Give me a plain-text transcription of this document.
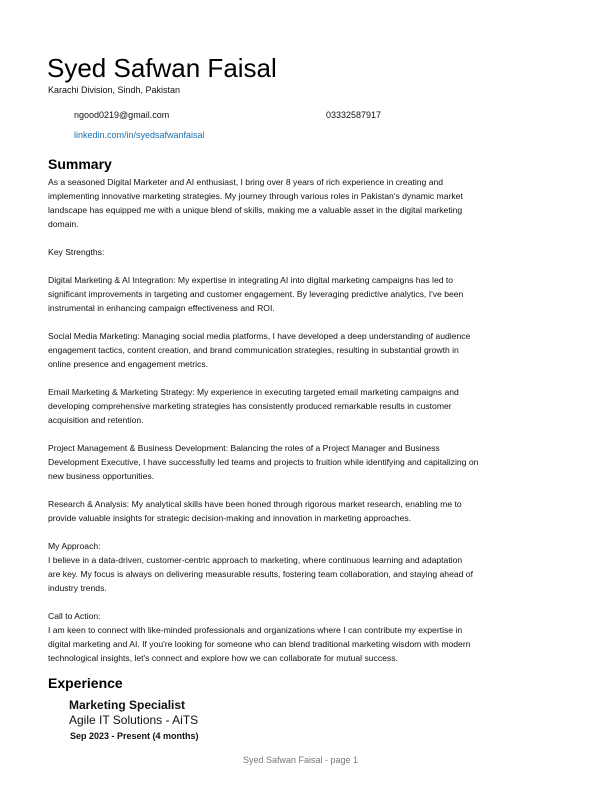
Syed Safwan Faisal
Karachi Division, Sindh, Pakistan
ngood0219@gmail.com	03332587917
linkedin.com/in/syedsafwanfaisal
Summary
As a seasoned Digital Marketer and AI enthusiast, I bring over 8 years of rich experience in creating and
implementing innovative marketing strategies. My journey through various roles in Pakistan's dynamic market
landscape has equipped me with a unique blend of skills, making me a valuable asset in the digital marketing
domain.
Key Strengths:
Digital Marketing & AI Integration: My expertise in integrating AI into digital marketing campaigns has led to
significant improvements in targeting and customer engagement. By leveraging predictive analytics, I've been
instrumental in enhancing campaign effectiveness and ROI.
Social Media Marketing: Managing social media platforms, I have developed a deep understanding of audience
engagement tactics, content creation, and brand communication strategies, resulting in substantial growth in
online presence and engagement metrics.
Email Marketing & Marketing Strategy: My experience in executing targeted email marketing campaigns and
developing comprehensive marketing strategies has consistently produced remarkable results in customer
acquisition and retention.
Project Management & Business Development: Balancing the roles of a Project Manager and Business
Development Executive, I have successfully led teams and projects to fruition while identifying and capitalizing on
new business opportunities.
Research & Analysis: My analytical skills have been honed through rigorous market research, enabling me to
provide valuable insights for strategic decision-making and innovation in marketing approaches.
My Approach:
I believe in a data-driven, customer-centric approach to marketing, where continuous learning and adaptation
are key. My focus is always on delivering measurable results, fostering team collaboration, and staying ahead of
industry trends.
Call to Action:
I am keen to connect with like-minded professionals and organizations where I can contribute my expertise in
digital marketing and AI. If you're looking for someone who can blend traditional marketing wisdom with modern
technological insights, let's connect and explore how we can collaborate for mutual success.
Experience
Marketing Specialist
Agile IT Solutions - AiTS
Sep 2023 - Present (4 months)
Syed Safwan Faisal - page 1
